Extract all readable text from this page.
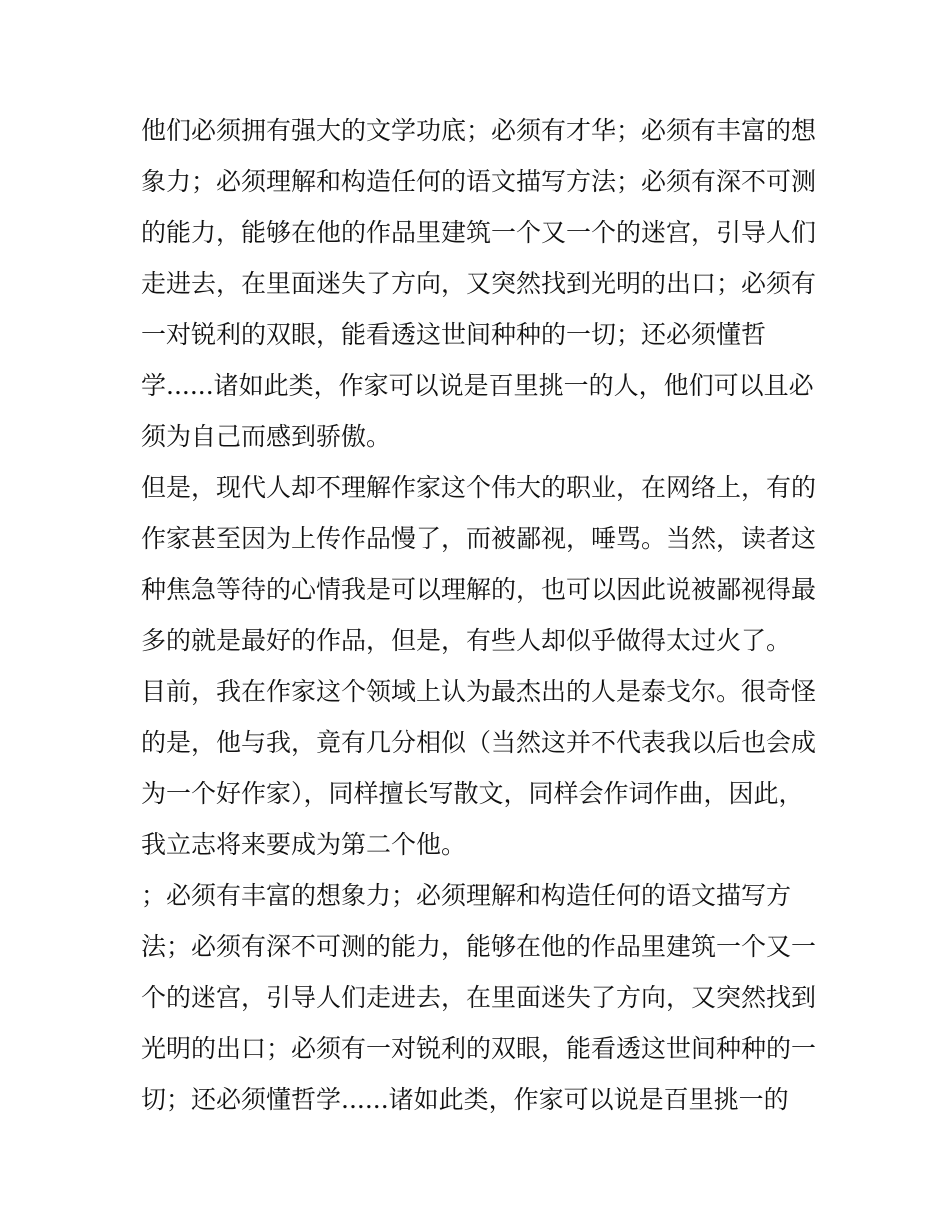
他们必须拥有强大的文学功底；必须有才华；必须有丰富的想
象力；必须理解和构造任何的语文描写方法；必须有深不可测
的能力，能够在他的作品里建筑一个又一个的迷宫，引导人们
走进去，在里面迷失了方向，又突然找到光明的出口；必须有
一对锐利的双眼，能看透这世间种种的一切；还必须懂哲
学......诸如此类，作家可以说是百里挑一的人，他们可以且必
须为自己而感到骄傲。
但是，现代人却不理解作家这个伟大的职业，在网络上，有的
作家甚至因为上传作品慢了，而被鄙视，唾骂。当然，读者这
种焦急等待的心情我是可以理解的，也可以因此说被鄙视得最
多的就是最好的作品，但是，有些人却似乎做得太过火了。
目前，我在作家这个领域上认为最杰出的人是泰戈尔。很奇怪
的是，他与我，竟有几分相似（当然这并不代表我以后也会成
为一个好作家），同样擅长写散文，同样会作词作曲，因此，
我立志将来要成为第二个他。
；必须有丰富的想象力；必须理解和构造任何的语文描写方
法；必须有深不可测的能力，能够在他的作品里建筑一个又一
个的迷宫，引导人们走进去，在里面迷失了方向，又突然找到
光明的出口；必须有一对锐利的双眼，能看透这世间种种的一
切；还必须懂哲学......诸如此类，作家可以说是百里挑一的
